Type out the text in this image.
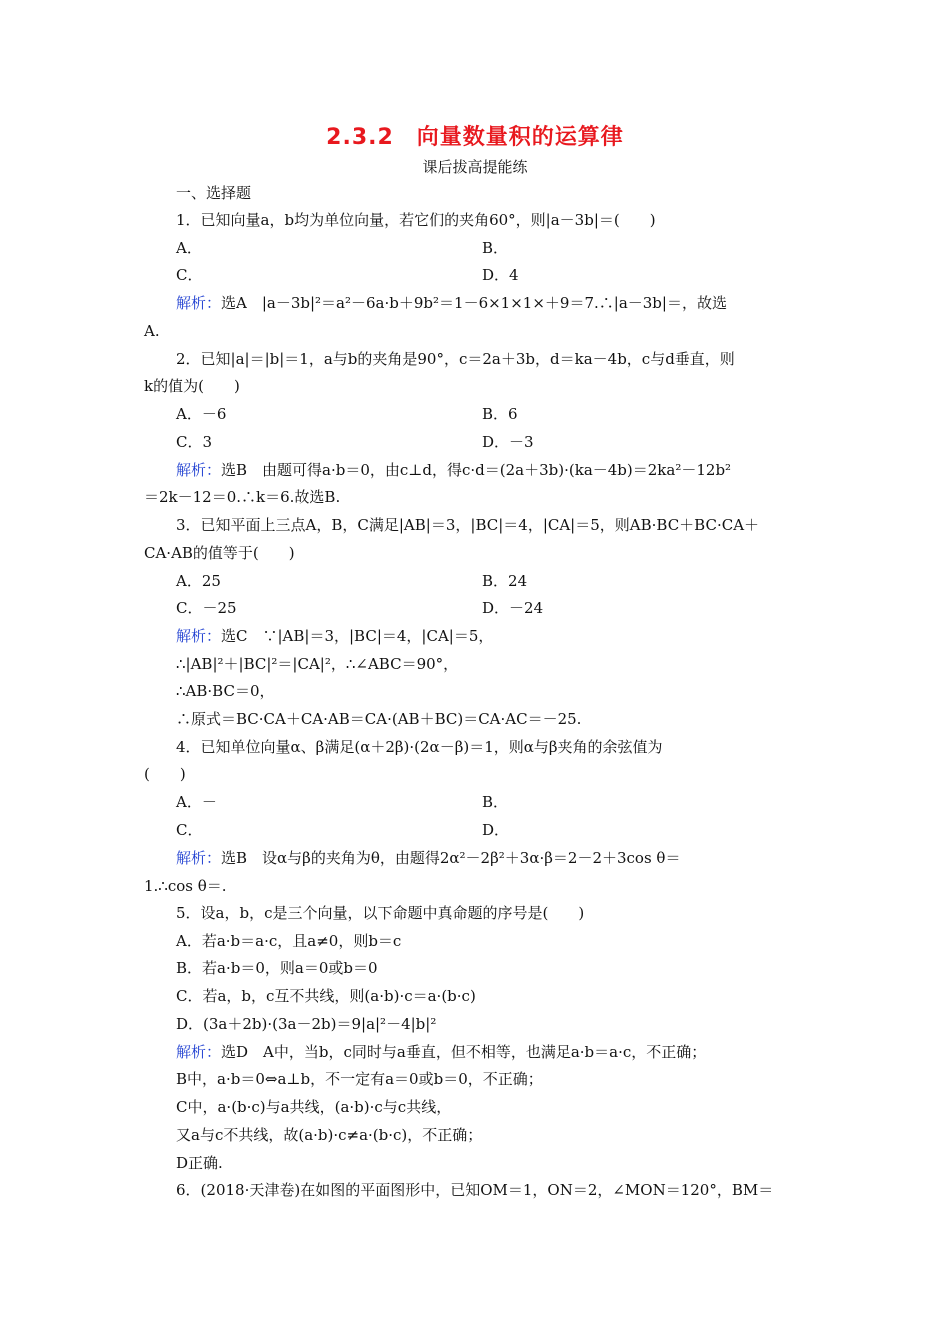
2.3.2　向量数量积的运算律
课后拔高提能练
一、选择题
1．已知向量a，b均为单位向量，若它们的夹角60°，则|a－3b|＝(　　)
A．	B．
C．	D．4
解析：选A　|a－3b|²＝a²－6a·b＋9b²＝1－6×1×1×＋9＝7.∴|a－3b|＝，故选
A.
2．已知|a|＝|b|＝1，a与b的夹角是90°，c＝2a＋3b，d＝ka－4b，c与d垂直，则
k的值为(　　)
A．－6	B．6
C．3	D．－3
解析：选B　由题可得a·b＝0，由c⊥d，得c·d＝(2a＋3b)·(ka－4b)＝2ka²－12b²
＝2k－12＝0.∴k＝6.故选B.
3．已知平面上三点A，B，C满足|AB|＝3，|BC|＝4，|CA|＝5，则AB·BC＋BC·CA＋
CA·AB的值等于(　　)
A．25	B．24
C．－25	D．－24
解析：选C　∵|AB|＝3，|BC|＝4，|CA|＝5，
∴|AB|²＋|BC|²＝|CA|²，∴∠ABC＝90°，
∴AB·BC＝0，
∴原式＝BC·CA＋CA·AB＝CA·(AB＋BC)＝CA·AC＝－25.
4．已知单位向量α、β满足(α＋2β)·(2α－β)＝1，则α与β夹角的余弦值为
(　　)
A．－	B．
C．	D．
解析：选B　设α与β的夹角为θ，由题得2α²－2β²＋3α·β＝2－2＋3cos θ＝
1.∴cos θ＝.
5．设a，b，c是三个向量，以下命题中真命题的序号是(　　)
A．若a·b＝a·c，且a≠0，则b＝c
B．若a·b＝0，则a＝0或b＝0
C．若a，b，c互不共线，则(a·b)·c＝a·(b·c)
D．(3a＋2b)·(3a－2b)＝9|a|²－4|b|²
解析：选D　A中，当b，c同时与a垂直，但不相等，也满足a·b＝a·c，不正确；
B中，a·b＝0⇔a⊥b，不一定有a＝0或b＝0，不正确；
C中，a·(b·c)与a共线，(a·b)·c与c共线，
又a与c不共线，故(a·b)·c≠a·(b·c)，不正确；
D正确.
6．(2018·天津卷)在如图的平面图形中，已知OM＝1，ON＝2，∠MON＝120°，BM＝
